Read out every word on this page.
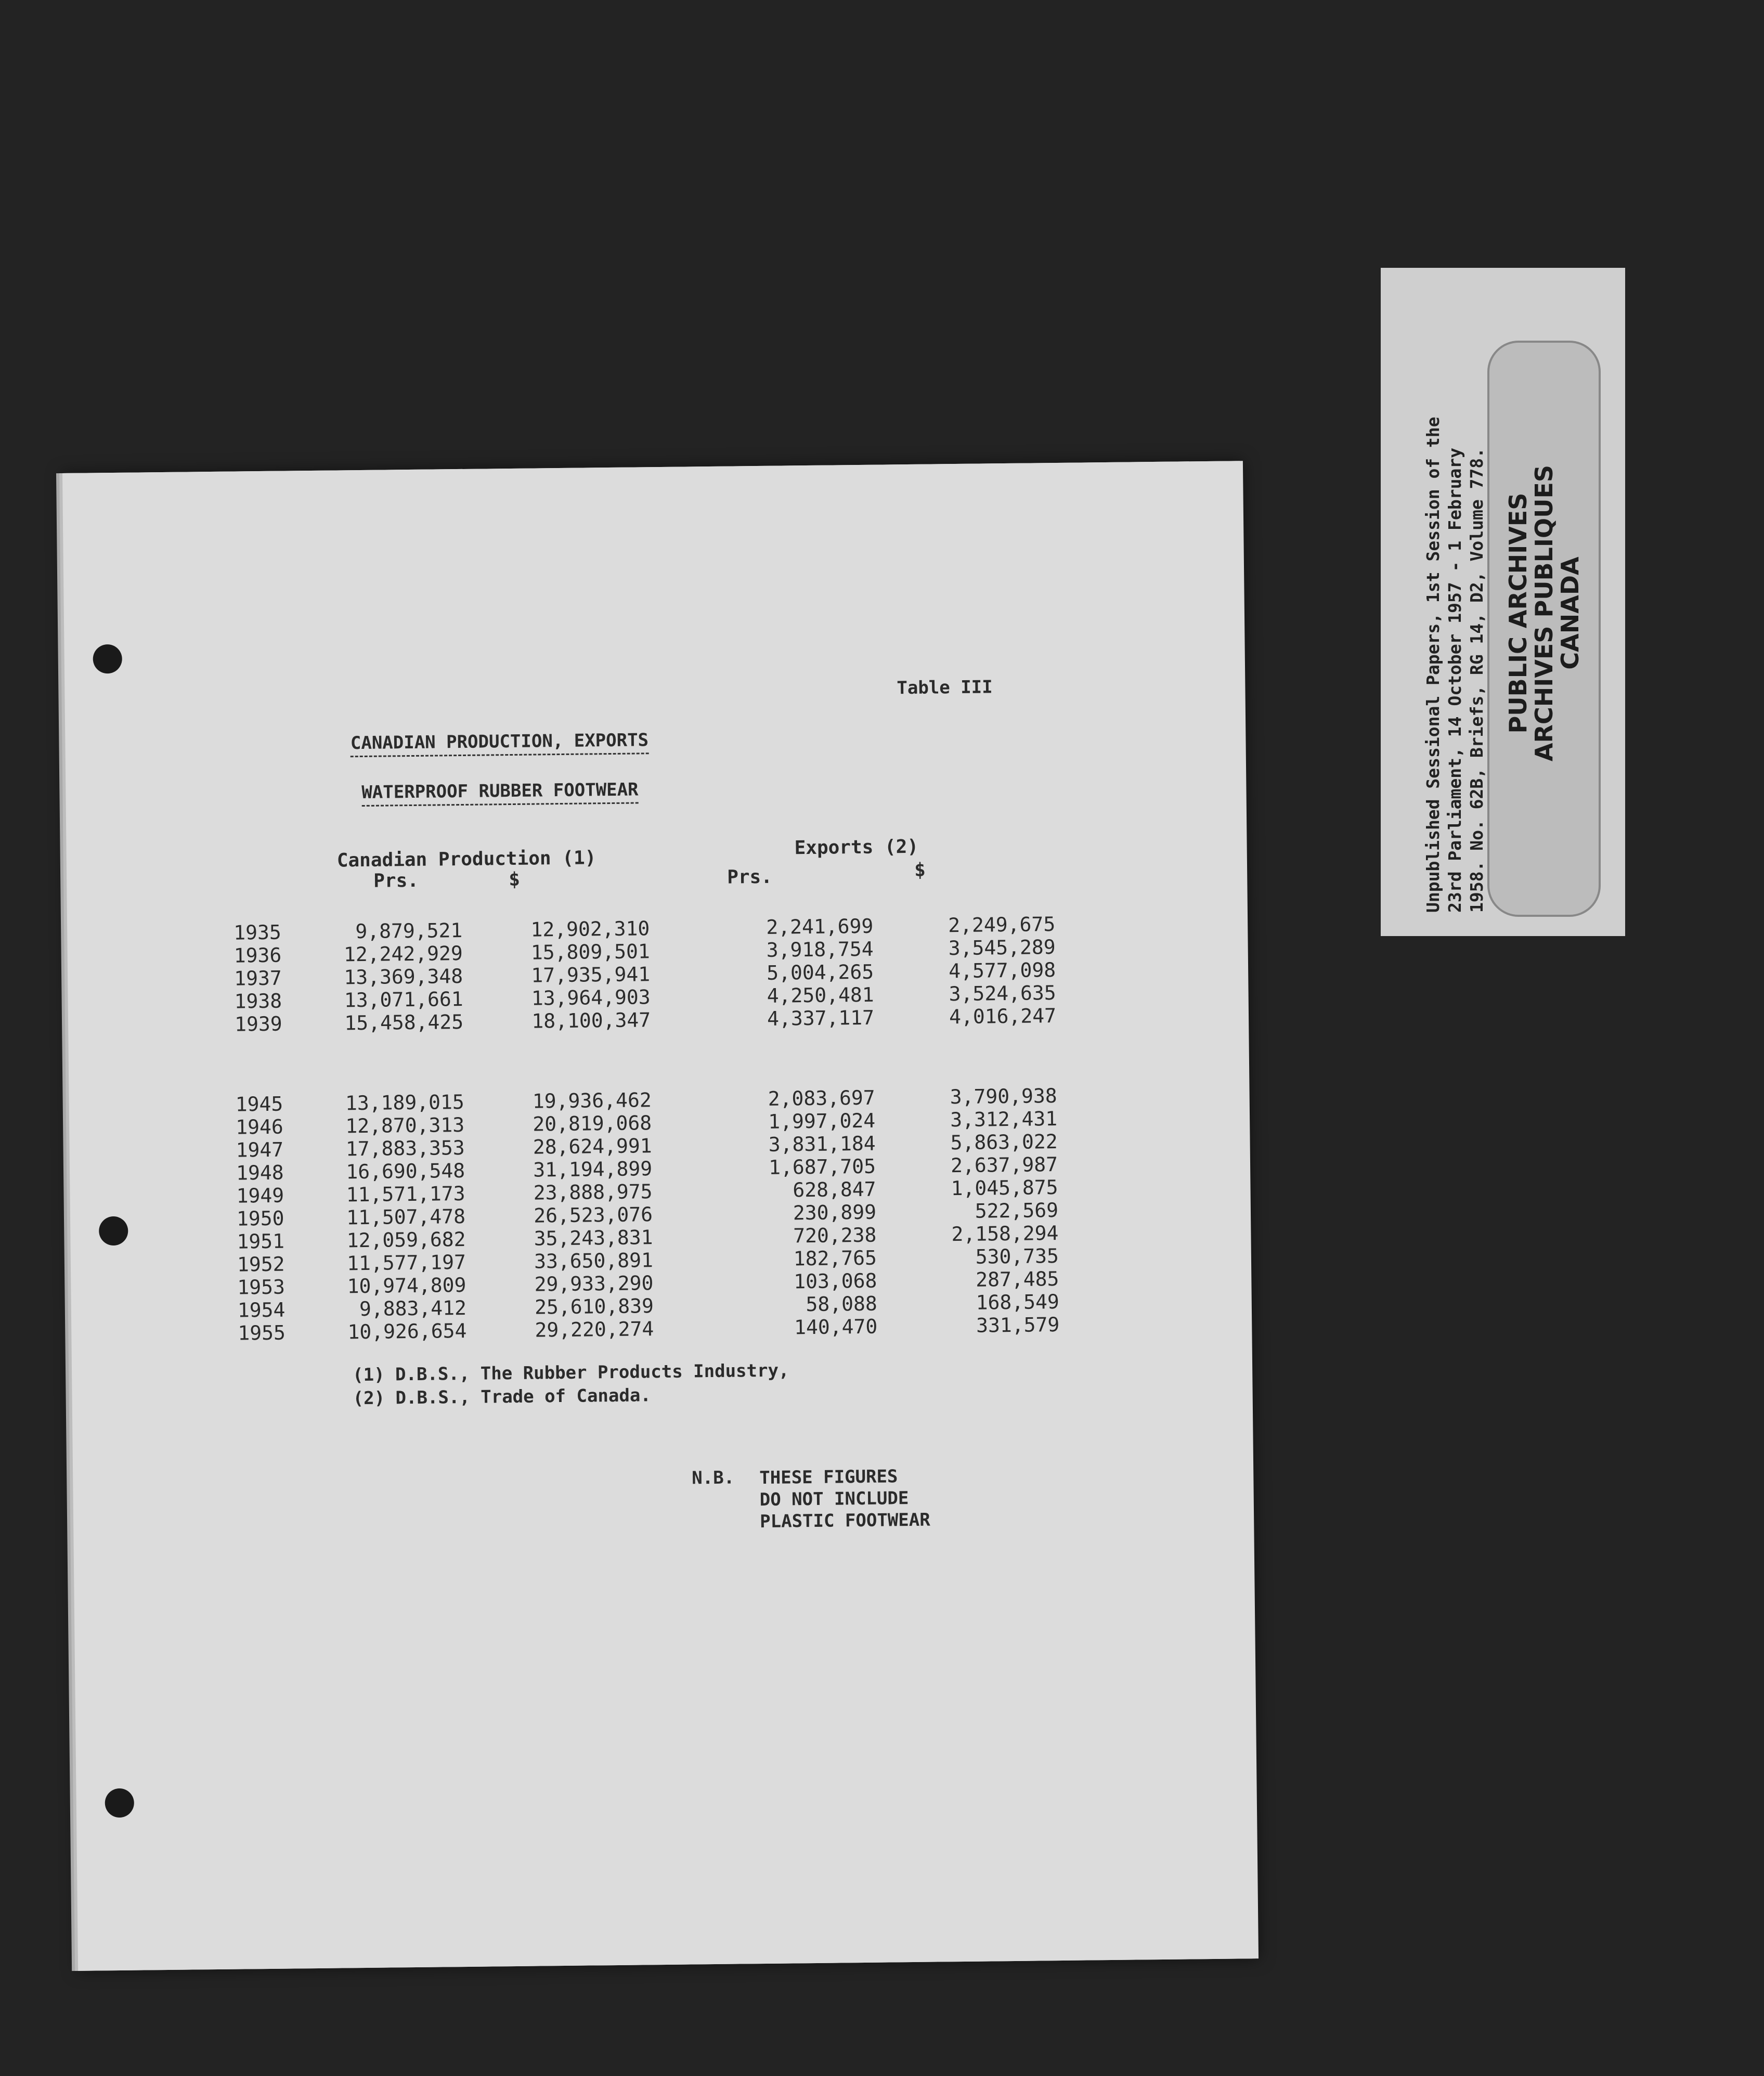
Table III
CANADIAN PRODUCTION, EXPORTS
WATERPROOF RUBBER FOOTWEAR
Canadian Production (1)
Prs.	$
Exports (2)
Prs.	$
1935	9,879,521	12,902,310	2,241,699	2,249,675
1936	12,242,929	15,809,501	3,918,754	3,545,289
1937	13,369,348	17,935,941	5,004,265	4,577,098
1938	13,071,661	13,964,903	4,250,481	3,524,635
1939	15,458,425	18,100,347	4,337,117	4,016,247
1945	13,189,015	19,936,462	2,083,697	3,790,938
1946	12,870,313	20,819,068	1,997,024	3,312,431
1947	17,883,353	28,624,991	3,831,184	5,863,022
1948	16,690,548	31,194,899	1,687,705	2,637,987
1949	11,571,173	23,888,975	628,847	1,045,875
1950	11,507,478	26,523,076	230,899	522,569
1951	12,059,682	35,243,831	720,238	2,158,294
1952	11,577,197	33,650,891	182,765	530,735
1953	10,974,809	29,933,290	103,068	287,485
1954	9,883,412	25,610,839	58,088	168,549
1955	10,926,654	29,220,274	140,470	331,579
(1) D.B.S., The Rubber Products Industry,
(2) D.B.S., Trade of Canada.
N.B. THESE FIGURES
DO NOT INCLUDE
PLASTIC FOOTWEAR
Unpublished Sessional Papers, 1st Session of the 23rd Parliament, 14 October 1957 - 1 February 1958. No. 62B, Briefs, RG 14, D2, Volume 778. PUBLIC ARCHIVES
ARCHIVES PUBLIQUES
CANADA
